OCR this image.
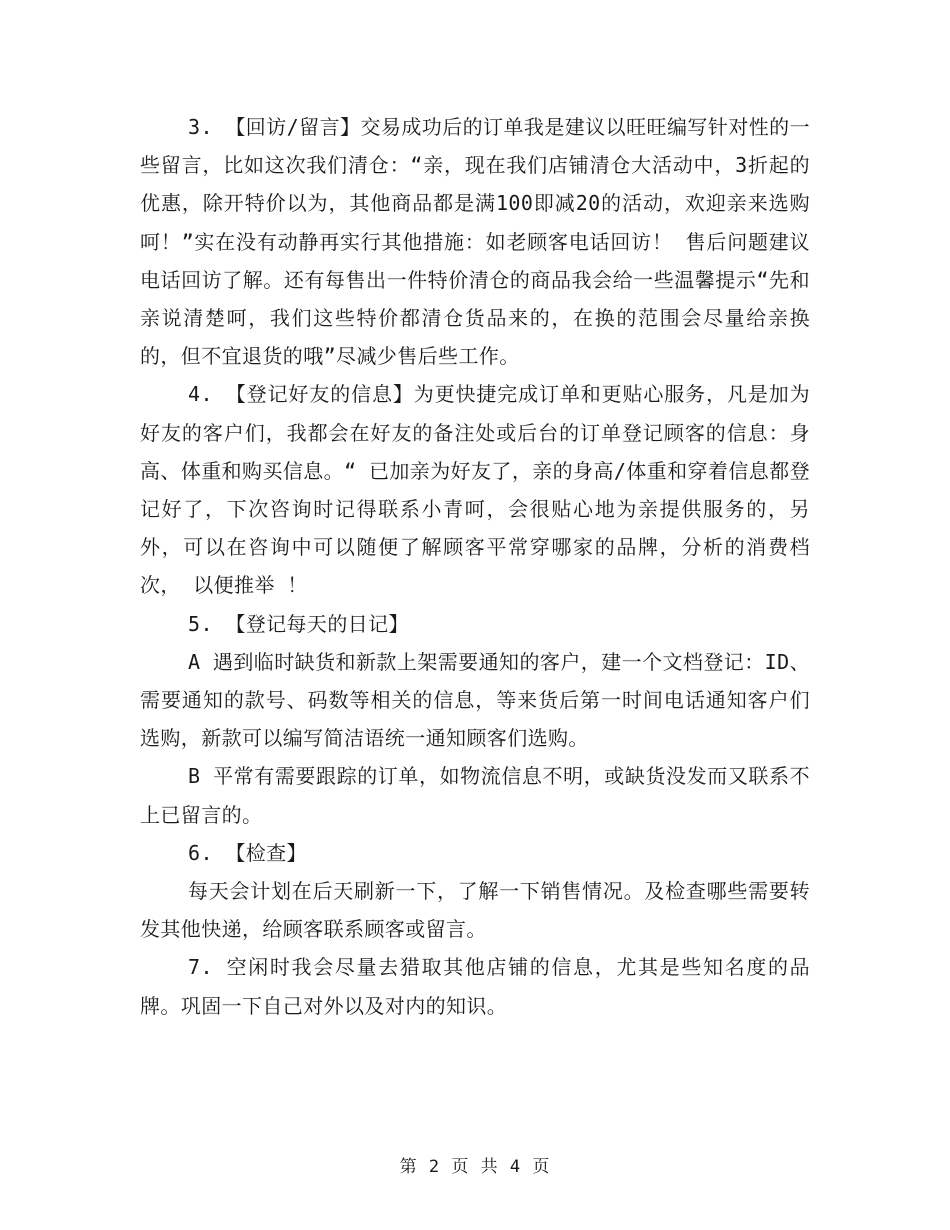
3. 【回访/留言】交易成功后的订单我是建议以旺旺编写针对性的一些留言，比如这次我们清仓：“亲，现在我们店铺清仓大活动中，3折起的优惠，除开特价以为，其他商品都是满100即减20的活动，欢迎亲来选购呵！”实在没有动静再实行其他措施：如老顾客电话回访！ 售后问题建议电话回访了解。还有每售出一件特价清仓的商品我会给一些温馨提示“先和亲说清楚呵，我们这些特价都清仓货品来的，在换的范围会尽量给亲换的，但不宜退货的哦”尽减少售后些工作。

4. 【登记好友的信息】为更快捷完成订单和更贴心服务，凡是加为好友的客户们，我都会在好友的备注处或后台的订单登记顾客的信息：身高、体重和购买信息。“ 已加亲为好友了，亲的身高/体重和穿着信息都登记好了，下次咨询时记得联系小青呵，会很贴心地为亲提供服务的，另外，可以在咨询中可以随便了解顾客平常穿哪家的品牌，分析的消费档次， 以便推举 ！

5. 【登记每天的日记】

A 遇到临时缺货和新款上架需要通知的客户，建一个文档登记：ID、需要通知的款号、码数等相关的信息，等来货后第一时间电话通知客户们选购，新款可以编写简洁语统一通知顾客们选购。

B 平常有需要跟踪的订单，如物流信息不明，或缺货没发而又联系不上已留言的。

6. 【检查】

每天会计划在后天刷新一下，了解一下销售情况。及检查哪些需要转发其他快递，给顾客联系顾客或留言。

7. 空闲时我会尽量去猎取其他店铺的信息，尤其是些知名度的品牌。巩固一下自己对外以及对内的知识。

第 2 页 共 4 页
